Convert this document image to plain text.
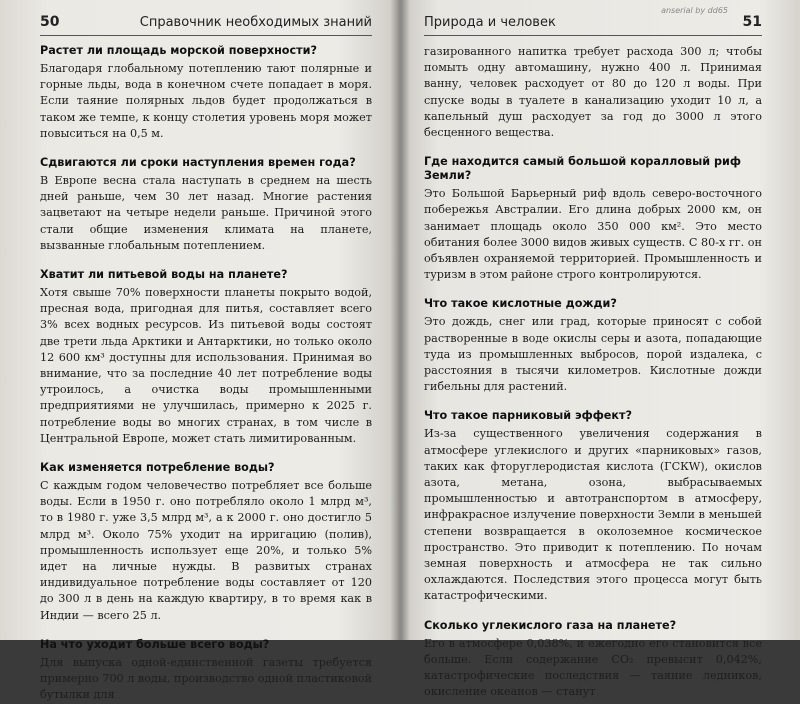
50	Справочник необходимых знаний
Растет ли площадь морской поверхности?

Благодаря глобальному потеплению тают полярные и горные льды, вода в конечном счете попадает в моря. Если таяние полярных льдов будет продолжаться в таком же темпе, к концу столетия уровень моря может повыситься на 0,5 м.

Сдвигаются ли сроки наступления времен года?

В Европе весна стала наступать в среднем на шесть дней раньше, чем 30 лет назад. Многие растения зацветают на четыре недели раньше. Причиной этого стали общие изменения климата на планете, вызванные глобальным потеплением.

Хватит ли питьевой воды на планете?

Хотя свыше 70% поверхности планеты покрыто водой, пресная вода, пригодная для питья, составляет всего 3% всех водных ресурсов. Из питьевой воды состоят две трети льда Арктики и Антарктики, но только около 12 600 км³ доступны для использования. Принимая во внимание, что за последние 40 лет потребление воды утроилось, а очистка воды промышленными предприятиями не улучшилась, примерно к 2025 г. потребление воды во многих странах, в том числе в Центральной Европе, может стать лимитированным.

Как изменяется потребление воды?

С каждым годом человечество потребляет все больше воды. Если в 1950 г. оно потребляло около 1 млрд м³, то в 1980 г. уже 3,5 млрд м³, а к 2000 г. оно достигло 5 млрд м³. Около 75% уходит на ирригацию (полив), промышленность использует еще 20%, и только 5% идет на личные нужды. В развитых странах индивидуальное потребление воды составляет от 120 до 300 л в день на каждую квартиру, в то время как в Индии — всего 25 л.

На что уходит больше всего воды?

Для выпуска одной-единственной газеты требуется примерно 700 л воды, производство одной пластиковой бутылки для

Природа и человек
anserial by dd65
51

газированного напитка требует расхода 300 л; чтобы помыть одну автомашину, нужно 400 л. Принимая ванну, человек расходует от 80 до 120 л воды. При спуске воды в туалете в канализацию уходит 10 л, а капельный душ расходует за год до 3000 л этого бесценного вещества.

Где находится самый большой коралловый риф Земли?

Это Большой Барьерный риф вдоль северо-восточного побережья Австралии. Его длина добрых 2000 км, он занимает площадь около 350 000 км². Это место обитания более 3000 видов живых существ. С 80-х гг. он объявлен охраняемой территорией. Промышленность и туризм в этом районе строго контролируются.

Что такое кислотные дожди?

Это дождь, снег или град, которые приносят с собой растворенные в воде окислы серы и азота, попадающие туда из промышленных выбросов, порой издалека, с расстояния в тысячи километров. Кислотные дожди гибельны для растений.

Что такое парниковый эффект?

Из-за существенного увеличения содержания в атмосфере углекислого и других «парниковых» газов, таких как фторуглеродистая кислота (ГСКW), окислов азота, метана, озона, выбрасываемых промышленностью и автотранспортом в атмосферу, инфракрасное излучение поверхности Земли в меньшей степени возвращается в околоземное космическое пространство. Это приводит к потеплению. По ночам земная поверхность и атмосфера не так сильно охлаждаются. Последствия этого процесса могут быть катастрофическими.

Сколько углекислого газа на планете?

Его в атмосфере 0,038%, и ежегодно его становится все больше. Если содержание CO₂ превысит 0,042%, катастрофические последствия — таяние ледников, окисление океанов — станут
